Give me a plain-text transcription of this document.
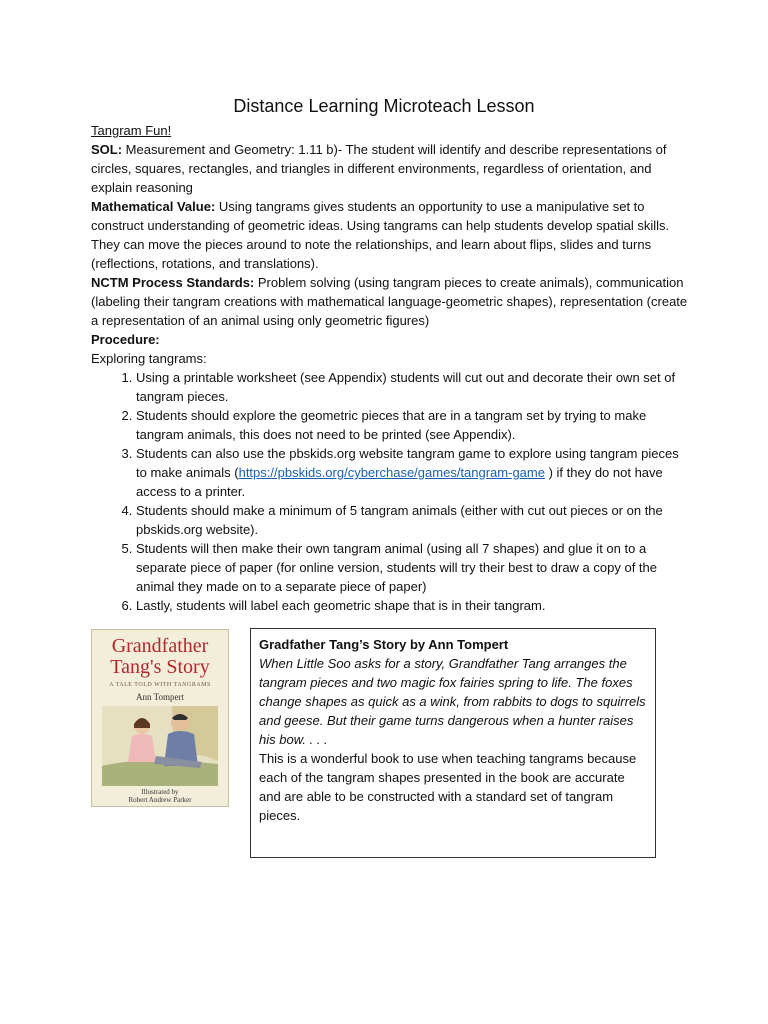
Distance Learning Microteach Lesson

Tangram Fun!

SOL: Measurement and Geometry: 1.11 b)- The student will identify and describe representations of circles, squares, rectangles, and triangles in different environments, regardless of orientation, and explain reasoning

Mathematical Value: Using tangrams gives students an opportunity to use a manipulative set to construct understanding of geometric ideas. Using tangrams can help students develop spatial skills. They can move the pieces around to note the relationships, and learn about flips, slides and turns (reflections, rotations, and translations).

NCTM Process Standards: Problem solving (using tangram pieces to create animals), communication (labeling their tangram creations with mathematical language-geometric shapes), representation (create a representation of an animal using only geometric figures)

Procedure:

Exploring tangrams:

1. Using a printable worksheet (see Appendix) students will cut out and decorate their own set of tangram pieces.
2. Students should explore the geometric pieces that are in a tangram set by trying to make tangram animals, this does not need to be printed (see Appendix).
3. Students can also use the pbskids.org website tangram game to explore using tangram pieces to make animals (https://pbskids.org/cyberchase/games/tangram-game ) if they do not have access to a printer.
4. Students should make a minimum of 5 tangram animals (either with cut out pieces or on the pbskids.org website).
5. Students will then make their own tangram animal (using all 7 shapes) and glue it on to a separate piece of paper (for online version, students will try their best to draw a copy of the animal they made on to a separate piece of paper)
6. Lastly, students will label each geometric shape that is in their tangram.
Grandfather
Tang's Story
A TALE TOLD WITH TANGRAMS
Ann Tompert
Illustrated by
Robert Andrew Parker

Gradfather Tang’s Story by Ann Tompert

When Little Soo asks for a story, Grandfather Tang arranges the tangram pieces and two magic fox fairies spring to life. The foxes change shapes as quick as a wink, from rabbits to dogs to squirrels and geese. But their game turns dangerous when a hunter raises his bow. . . .

This is a wonderful book to use when teaching tangrams because each of the tangram shapes presented in the book are accurate and are able to be constructed with a standard set of tangram pieces.
